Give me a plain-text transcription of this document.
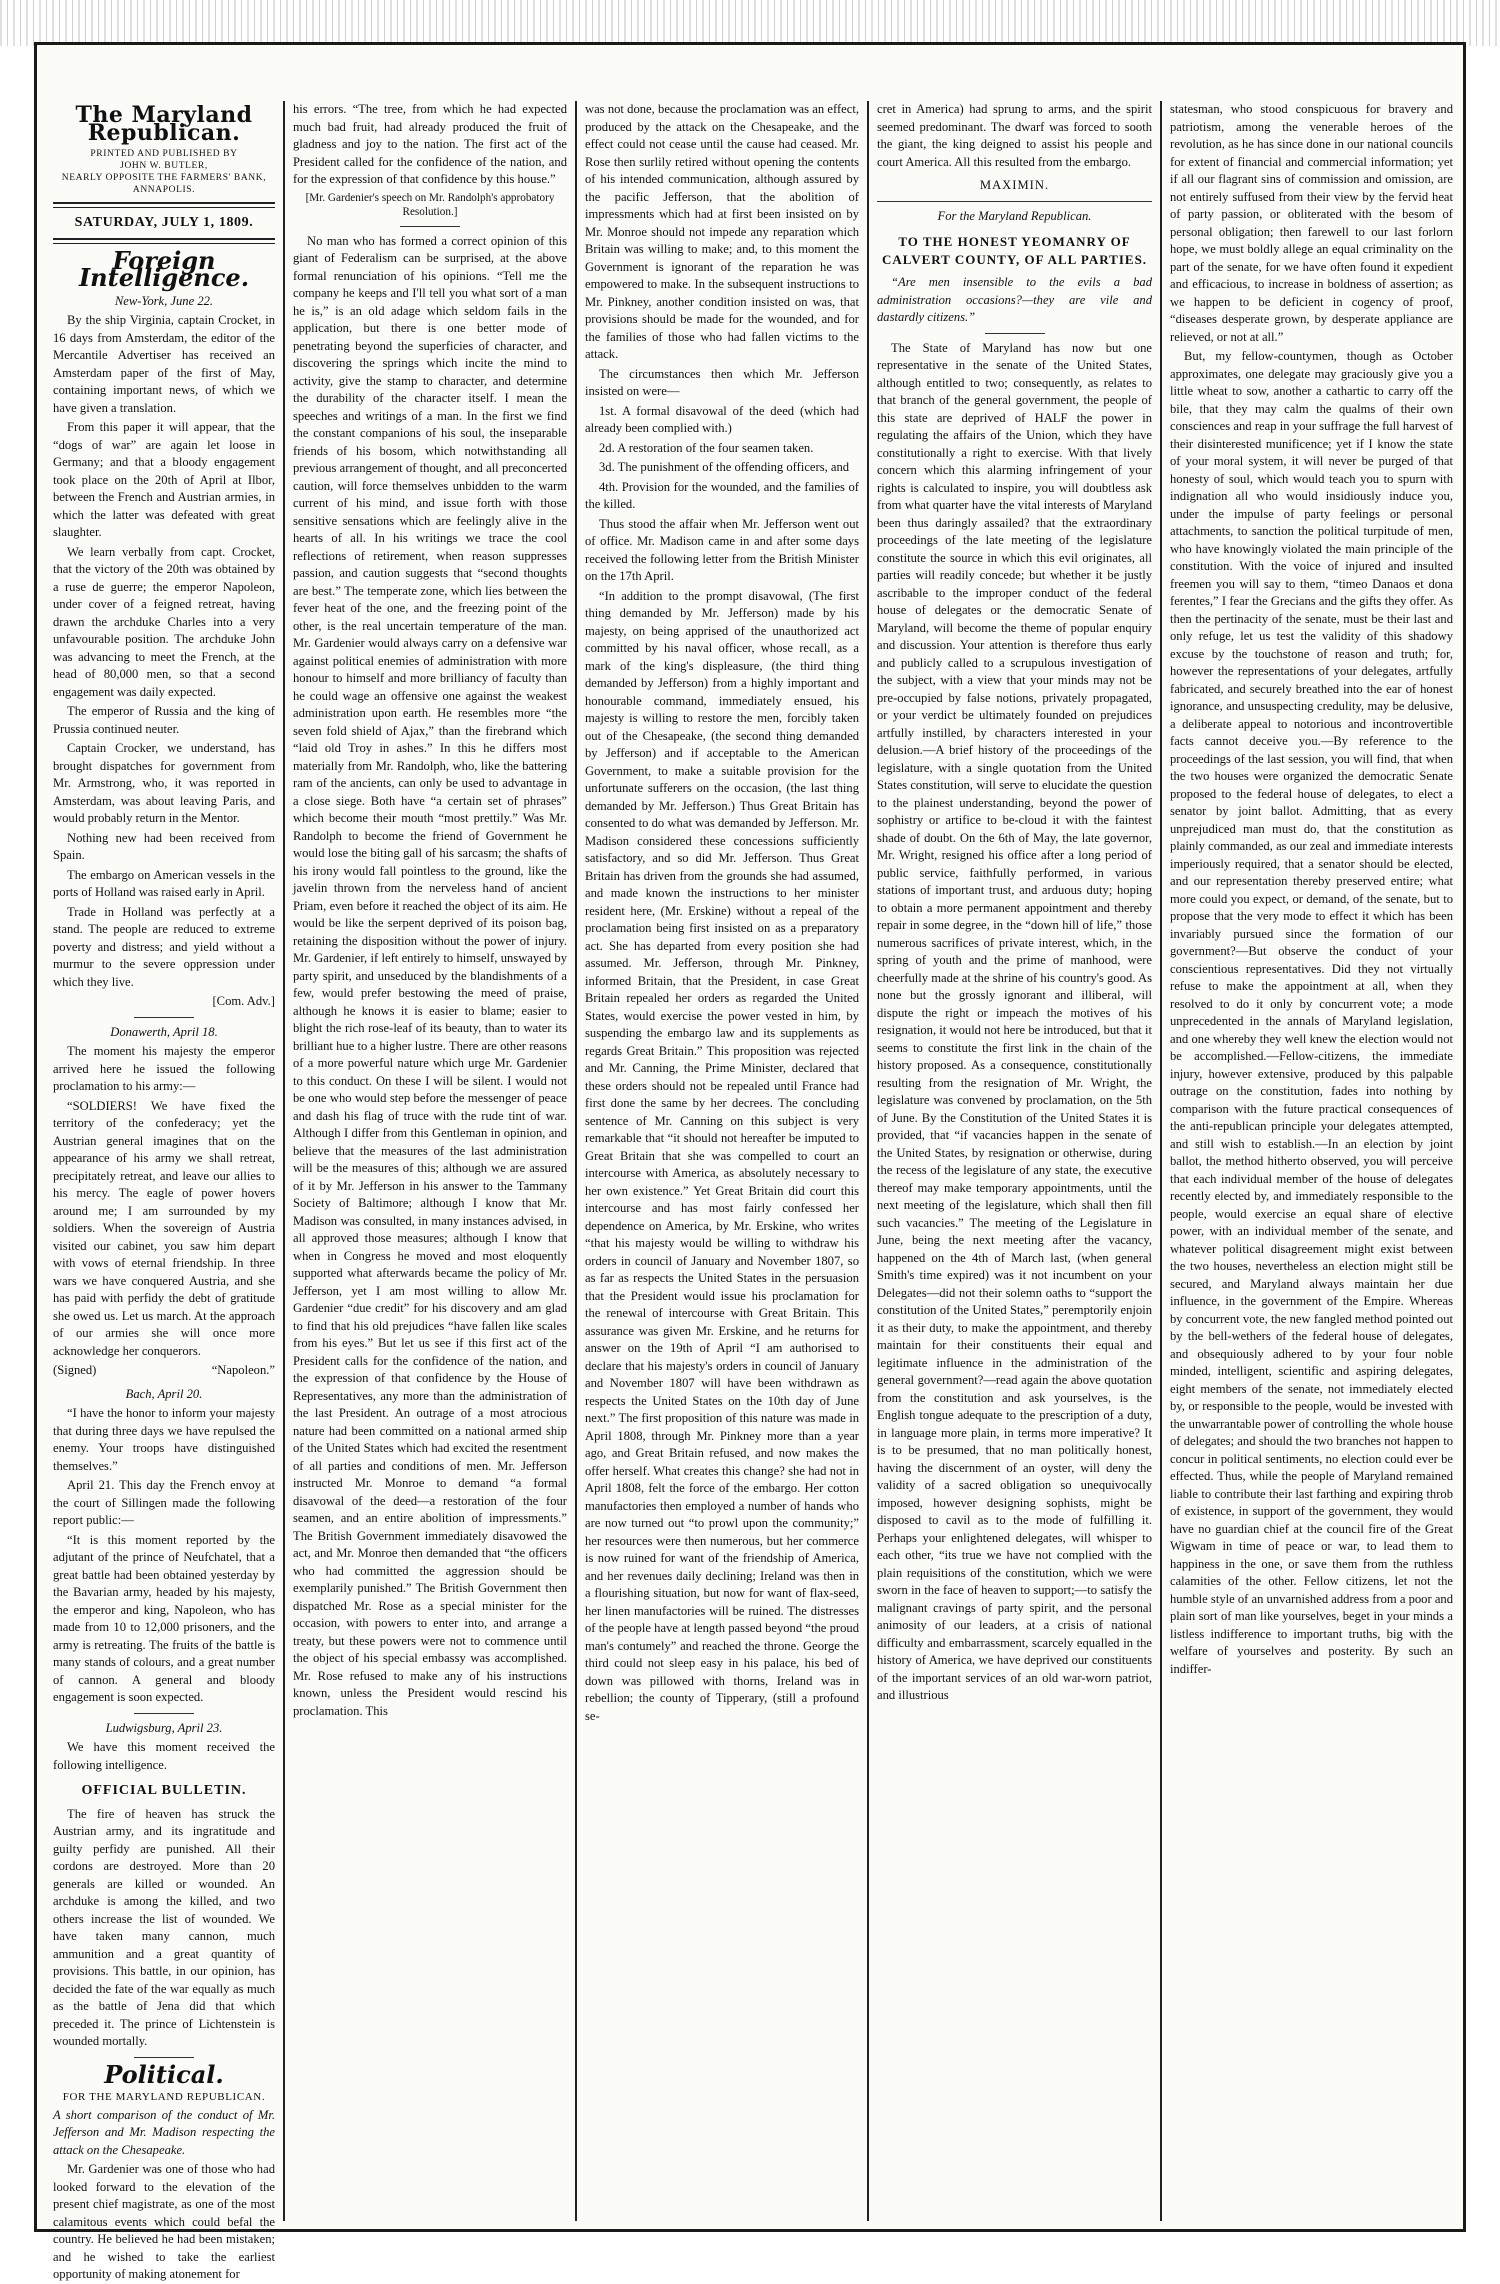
The Maryland Republican.
PRINTED AND PUBLISHED BY
JOHN W. BUTLER,
NEARLY OPPOSITE THE FARMERS' BANK, ANNAPOLIS.
SATURDAY, JULY 1, 1809.
Foreign Intelligence.
New-York, June 22.

By the ship Virginia, captain Crocket, in 16 days from Amsterdam, the editor of the Mercantile Advertiser has received an Amsterdam paper of the first of May, containing important news, of which we have given a translation.

From this paper it will appear, that the “dogs of war” are again let loose in Germany; and that a bloody engagement took place on the 20th of April at Ilbor, between the French and Austrian armies, in which the latter was defeated with great slaughter.

We learn verbally from capt. Crocket, that the victory of the 20th was obtained by a ruse de guerre; the emperor Napoleon, under cover of a feigned retreat, having drawn the archduke Charles into a very unfavourable position. The archduke John was advancing to meet the French, at the head of 80,000 men, so that a second engagement was daily expected.

The emperor of Russia and the king of Prussia continued neuter.

Captain Crocker, we understand, has brought dispatches for government from Mr. Armstrong, who, it was reported in Amsterdam, was about leaving Paris, and would probably return in the Mentor.

Nothing new had been received from Spain.

The embargo on American vessels in the ports of Holland was raised early in April.

Trade in Holland was perfectly at a stand. The people are reduced to extreme poverty and distress; and yield without a murmur to the severe oppression under which they live.

[Com. Adv.]
Donawerth, April 18.

The moment his majesty the emperor arrived here he issued the following proclamation to his army:—

“SOLDIERS! We have fixed the territory of the confederacy; yet the Austrian general imagines that on the appearance of his army we shall retreat, precipitately retreat, and leave our allies to his mercy. The eagle of power hovers around me; I am surrounded by my soldiers. When the sovereign of Austria visited our cabinet, you saw him depart with vows of eternal friendship. In three wars we have conquered Austria, and she has paid with perfidy the debt of gratitude she owed us. Let us march. At the approach of our armies she will once more acknowledge her conquerors.

(Signed)	“Napoleon.”
Bach, April 20.

“I have the honor to inform your majesty that during three days we have repulsed the enemy. Your troops have distinguished themselves.”

April 21. This day the French envoy at the court of Sillingen made the following report public:—

“It is this moment reported by the adjutant of the prince of Neufchatel, that a great battle had been obtained yesterday by the Bavarian army, headed by his majesty, the emperor and king, Napoleon, who has made from 10 to 12,000 prisoners, and the army is retreating. The fruits of the battle is many stands of colours, and a great number of cannon. A general and bloody engagement is soon expected.

Ludwigsburg, April 23.

We have this moment received the following intelligence.

OFFICIAL BULLETIN.

The fire of heaven has struck the Austrian army, and its ingratitude and guilty perfidy are punished. All their cordons are destroyed. More than 20 generals are killed or wounded. An archduke is among the killed, and two others increase the list of wounded. We have taken many cannon, much ammunition and a great quantity of provisions. This battle, in our opinion, has decided the fate of the war equally as much as the battle of Jena did that which preceded it. The prince of Lichtenstein is wounded mortally.

Political.
FOR THE MARYLAND REPUBLICAN.

A short comparison of the conduct of Mr. Jefferson and Mr. Madison respecting the attack on the Chesapeake.

Mr. Gardenier was one of those who had looked forward to the elevation of the present chief magistrate, as one of the most calamitous events which could befal the country. He believed he had been mistaken; and he wished to take the earliest opportunity of making atonement for

his errors. “The tree, from which he had expected much bad fruit, had already produced the fruit of gladness and joy to the nation. The first act of the President called for the confidence of the nation, and for the expression of that confidence by this house.”

[Mr. Gardenier's speech on Mr. Randolph's approbatory Resolution.]

No man who has formed a correct opinion of this giant of Federalism can be surprised, at the above formal renunciation of his opinions. “Tell me the company he keeps and I'll tell you what sort of a man he is,” is an old adage which seldom fails in the application, but there is one better mode of penetrating beyond the superficies of character, and discovering the springs which incite the mind to activity, give the stamp to character, and determine the durability of the character itself. I mean the speeches and writings of a man. In the first we find the constant companions of his soul, the inseparable friends of his bosom, which notwithstanding all previous arrangement of thought, and all preconcerted caution, will force themselves unbidden to the warm current of his mind, and issue forth with those sensitive sensations which are feelingly alive in the hearts of all. In his writings we trace the cool reflections of retirement, when reason suppresses passion, and caution suggests that “second thoughts are best.” The temperate zone, which lies between the fever heat of the one, and the freezing point of the other, is the real uncertain temperature of the man. Mr. Gardenier would always carry on a defensive war against political enemies of administration with more honour to himself and more brilliancy of faculty than he could wage an offensive one against the weakest administration upon earth. He resembles more “the seven fold shield of Ajax,” than the firebrand which “laid old Troy in ashes.” In this he differs most materially from Mr. Randolph, who, like the battering ram of the ancients, can only be used to advantage in a close siege. Both have “a certain set of phrases” which become their mouth “most prettily.” Was Mr. Randolph to become the friend of Government he would lose the biting gall of his sarcasm; the shafts of his irony would fall pointless to the ground, like the javelin thrown from the nerveless hand of ancient Priam, even before it reached the object of its aim. He would be like the serpent deprived of its poison bag, retaining the disposition without the power of injury. Mr. Gardenier, if left entirely to himself, unswayed by party spirit, and unseduced by the blandishments of a few, would prefer bestowing the meed of praise, although he knows it is easier to blame; easier to blight the rich rose-leaf of its beauty, than to water its brilliant hue to a higher lustre. There are other reasons of a more powerful nature which urge Mr. Gardenier to this conduct. On these I will be silent. I would not be one who would step before the messenger of peace and dash his flag of truce with the rude tint of war. Although I differ from this Gentleman in opinion, and believe that the measures of the last administration will be the measures of this; although we are assured of it by Mr. Jefferson in his answer to the Tammany Society of Baltimore; although I know that Mr. Madison was consulted, in many instances advised, in all approved those measures; although I know that when in Congress he moved and most eloquently supported what afterwards became the policy of Mr. Jefferson, yet I am most willing to allow Mr. Gardenier “due credit” for his discovery and am glad to find that his old prejudices “have fallen like scales from his eyes.” But let us see if this first act of the President calls for the confidence of the nation, and the expression of that confidence by the House of Representatives, any more than the administration of the last President. An outrage of a most atrocious nature had been committed on a national armed ship of the United States which had excited the resentment of all parties and conditions of men. Mr. Jefferson instructed Mr. Monroe to demand “a formal disavowal of the deed—a restoration of the four seamen, and an entire abolition of impressments.” The British Government immediately disavowed the act, and Mr. Monroe then demanded that “the officers who had committed the aggression should be exemplarily punished.” The British Government then dispatched Mr. Rose as a special minister for the occasion, with powers to enter into, and arrange a treaty, but these powers were not to commence until the object of his special embassy was accomplished. Mr. Rose refused to make any of his instructions known, unless the President would rescind his proclamation. This

was not done, because the proclamation was an effect, produced by the attack on the Chesapeake, and the effect could not cease until the cause had ceased. Mr. Rose then surlily retired without opening the contents of his intended communication, although assured by the pacific Jefferson, that the abolition of impressments which had at first been insisted on by Mr. Monroe should not impede any reparation which Britain was willing to make; and, to this moment the Government is ignorant of the reparation he was empowered to make. In the subsequent instructions to Mr. Pinkney, another condition insisted on was, that provisions should be made for the wounded, and for the families of those who had fallen victims to the attack.

The circumstances then which Mr. Jefferson insisted on were—

1st. A formal disavowal of the deed (which had already been complied with.)

2d. A restoration of the four seamen taken.

3d. The punishment of the offending officers, and

4th. Provision for the wounded, and the families of the killed.

Thus stood the affair when Mr. Jefferson went out of office. Mr. Madison came in and after some days received the following letter from the British Minister on the 17th April.

“In addition to the prompt disavowal, (The first thing demanded by Mr. Jefferson) made by his majesty, on being apprised of the unauthorized act committed by his naval officer, whose recall, as a mark of the king's displeasure, (the third thing demanded by Jefferson) from a highly important and honourable command, immediately ensued, his majesty is willing to restore the men, forcibly taken out of the Chesapeake, (the second thing demanded by Jefferson) and if acceptable to the American Government, to make a suitable provision for the unfortunate sufferers on the occasion, (the last thing demanded by Mr. Jefferson.) Thus Great Britain has consented to do what was demanded by Jefferson. Mr. Madison considered these concessions sufficiently satisfactory, and so did Mr. Jefferson. Thus Great Britain has driven from the grounds she had assumed, and made known the instructions to her minister resident here, (Mr. Erskine) without a repeal of the proclamation being first insisted on as a preparatory act. She has departed from every position she had assumed. Mr. Jefferson, through Mr. Pinkney, informed Britain, that the President, in case Great Britain repealed her orders as regarded the United States, would exercise the power vested in him, by suspending the embargo law and its supplements as regards Great Britain.” This proposition was rejected and Mr. Canning, the Prime Minister, declared that these orders should not be repealed until France had first done the same by her decrees. The concluding sentence of Mr. Canning on this subject is very remarkable that “it should not hereafter be imputed to Great Britain that she was compelled to court an intercourse with America, as absolutely necessary to her own existence.” Yet Great Britain did court this intercourse and has most fairly confessed her dependence on America, by Mr. Erskine, who writes “that his majesty would be willing to withdraw his orders in council of January and November 1807, so as far as respects the United States in the persuasion that the President would issue his proclamation for the renewal of intercourse with Great Britain. This assurance was given Mr. Erskine, and he returns for answer on the 19th of April “I am authorised to declare that his majesty's orders in council of January and November 1807 will have been withdrawn as respects the United States on the 10th day of June next.” The first proposition of this nature was made in April 1808, through Mr. Pinkney more than a year ago, and Great Britain refused, and now makes the offer herself. What creates this change? she had not in April 1808, felt the force of the embargo. Her cotton manufactories then employed a number of hands who are now turned out “to prowl upon the community;” her resources were then numerous, but her commerce is now ruined for want of the friendship of America, and her revenues daily declining; Ireland was then in a flourishing situation, but now for want of flax-seed, her linen manufactories will be ruined. The distresses of the people have at length passed beyond “the proud man's contumely” and reached the throne. George the third could not sleep easy in his palace, his bed of down was pillowed with thorns, Ireland was in rebellion; the county of Tipperary, (still a profound se-

cret in America) had sprung to arms, and the spirit seemed predominant. The dwarf was forced to sooth the giant, the king deigned to assist his people and court America. All this resulted from the embargo.

MAXIMIN.
For the Maryland Republican.
TO THE HONEST YEOMANRY OF CALVERT COUNTY, OF ALL PARTIES.

“Are men insensible to the evils a bad administration occasions?—they are vile and dastardly citizens.”

The State of Maryland has now but one representative in the senate of the United States, although entitled to two; consequently, as relates to that branch of the general government, the people of this state are deprived of HALF the power in regulating the affairs of the Union, which they have constitutionally a right to exercise. With that lively concern which this alarming infringement of your rights is calculated to inspire, you will doubtless ask from what quarter have the vital interests of Maryland been thus daringly assailed? that the extraordinary proceedings of the late meeting of the legislature constitute the source in which this evil originates, all parties will readily concede; but whether it be justly ascribable to the improper conduct of the federal house of delegates or the democratic Senate of Maryland, will become the theme of popular enquiry and discussion. Your attention is therefore thus early and publicly called to a scrupulous investigation of the subject, with a view that your minds may not be pre-occupied by false notions, privately propagated, or your verdict be ultimately founded on prejudices artfully instilled, by characters interested in your delusion.—A brief history of the proceedings of the legislature, with a single quotation from the United States constitution, will serve to elucidate the question to the plainest understanding, beyond the power of sophistry or artifice to be-cloud it with the faintest shade of doubt. On the 6th of May, the late governor, Mr. Wright, resigned his office after a long period of public service, faithfully performed, in various stations of important trust, and arduous duty; hoping to obtain a more permanent appointment and thereby repair in some degree, in the “down hill of life,” those numerous sacrifices of private interest, which, in the spring of youth and the prime of manhood, were cheerfully made at the shrine of his country's good. As none but the grossly ignorant and illiberal, will dispute the right or impeach the motives of his resignation, it would not here be introduced, but that it seems to constitute the first link in the chain of the history proposed. As a consequence, constitutionally resulting from the resignation of Mr. Wright, the legislature was convened by proclamation, on the 5th of June. By the Constitution of the United States it is provided, that “if vacancies happen in the senate of the United States, by resignation or otherwise, during the recess of the legislature of any state, the executive thereof may make temporary appointments, until the next meeting of the legislature, which shall then fill such vacancies.” The meeting of the Legislature in June, being the next meeting after the vacancy, happened on the 4th of March last, (when general Smith's time expired) was it not incumbent on your Delegates—did not their solemn oaths to “support the constitution of the United States,” peremptorily enjoin it as their duty, to make the appointment, and thereby maintain for their constituents their equal and legitimate influence in the administration of the general government?—read again the above quotation from the constitution and ask yourselves, is the English tongue adequate to the prescription of a duty, in language more plain, in terms more imperative? It is to be presumed, that no man politically honest, having the discernment of an oyster, will deny the validity of a sacred obligation so unequivocally imposed, however designing sophists, might be disposed to cavil as to the mode of fulfilling it. Perhaps your enlightened delegates, will whisper to each other, “its true we have not complied with the plain requisitions of the constitution, which we were sworn in the face of heaven to support;—to satisfy the malignant cravings of party spirit, and the personal animosity of our leaders, at a crisis of national difficulty and embarrassment, scarcely equalled in the history of America, we have deprived our constituents of the important services of an old war-worn patriot, and illustrious

statesman, who stood conspicuous for bravery and patriotism, among the venerable heroes of the revolution, as he has since done in our national councils for extent of financial and commercial information; yet if all our flagrant sins of commission and omission, are not entirely suffused from their view by the fervid heat of party passion, or obliterated with the besom of personal obligation; then farewell to our last forlorn hope, we must boldly allege an equal criminality on the part of the senate, for we have often found it expedient and efficacious, to increase in boldness of assertion; as we happen to be deficient in cogency of proof, “diseases desperate grown, by desperate appliance are relieved, or not at all.”

But, my fellow-countymen, though as October approximates, one delegate may graciously give you a little wheat to sow, another a cathartic to carry off the bile, that they may calm the qualms of their own consciences and reap in your suffrage the full harvest of their disinterested munificence; yet if I know the state of your moral system, it will never be purged of that honesty of soul, which would teach you to spurn with indignation all who would insidiously induce you, under the impulse of party feelings or personal attachments, to sanction the political turpitude of men, who have knowingly violated the main principle of the constitution. With the voice of injured and insulted freemen you will say to them, “timeo Danaos et dona ferentes,” I fear the Grecians and the gifts they offer. As then the pertinacity of the senate, must be their last and only refuge, let us test the validity of this shadowy excuse by the touchstone of reason and truth; for, however the representations of your delegates, artfully fabricated, and securely breathed into the ear of honest ignorance, and unsuspecting credulity, may be delusive, a deliberate appeal to notorious and incontrovertible facts cannot deceive you.—By reference to the proceedings of the last session, you will find, that when the two houses were organized the democratic Senate proposed to the federal house of delegates, to elect a senator by joint ballot. Admitting, that as every unprejudiced man must do, that the constitution as plainly commanded, as our zeal and immediate interests imperiously required, that a senator should be elected, and our representation thereby preserved entire; what more could you expect, or demand, of the senate, but to propose that the very mode to effect it which has been invariably pursued since the formation of our government?—But observe the conduct of your conscientious representatives. Did they not virtually refuse to make the appointment at all, when they resolved to do it only by concurrent vote; a mode unprecedented in the annals of Maryland legislation, and one whereby they well knew the election would not be accomplished.—Fellow-citizens, the immediate injury, however extensive, produced by this palpable outrage on the constitution, fades into nothing by comparison with the future practical consequences of the anti-republican principle your delegates attempted, and still wish to establish.—In an election by joint ballot, the method hitherto observed, you will perceive that each individual member of the house of delegates recently elected by, and immediately responsible to the people, would exercise an equal share of elective power, with an individual member of the senate, and whatever political disagreement might exist between the two houses, nevertheless an election might still be secured, and Maryland always maintain her due influence, in the government of the Empire. Whereas by concurrent vote, the new fangled method pointed out by the bell-wethers of the federal house of delegates, and obsequiously adhered to by your four noble minded, intelligent, scientific and aspiring delegates, eight members of the senate, not immediately elected by, or responsible to the people, would be invested with the unwarrantable power of controlling the whole house of delegates; and should the two branches not happen to concur in political sentiments, no election could ever be effected. Thus, while the people of Maryland remained liable to contribute their last farthing and expiring throb of existence, in support of the government, they would have no guardian chief at the council fire of the Great Wigwam in time of peace or war, to lead them to happiness in the one, or save them from the ruthless calamities of the other. Fellow citizens, let not the humble style of an unvarnished address from a poor and plain sort of man like yourselves, beget in your minds a listless indifference to important truths, big with the welfare of yourselves and posterity. By such an indiffer-
